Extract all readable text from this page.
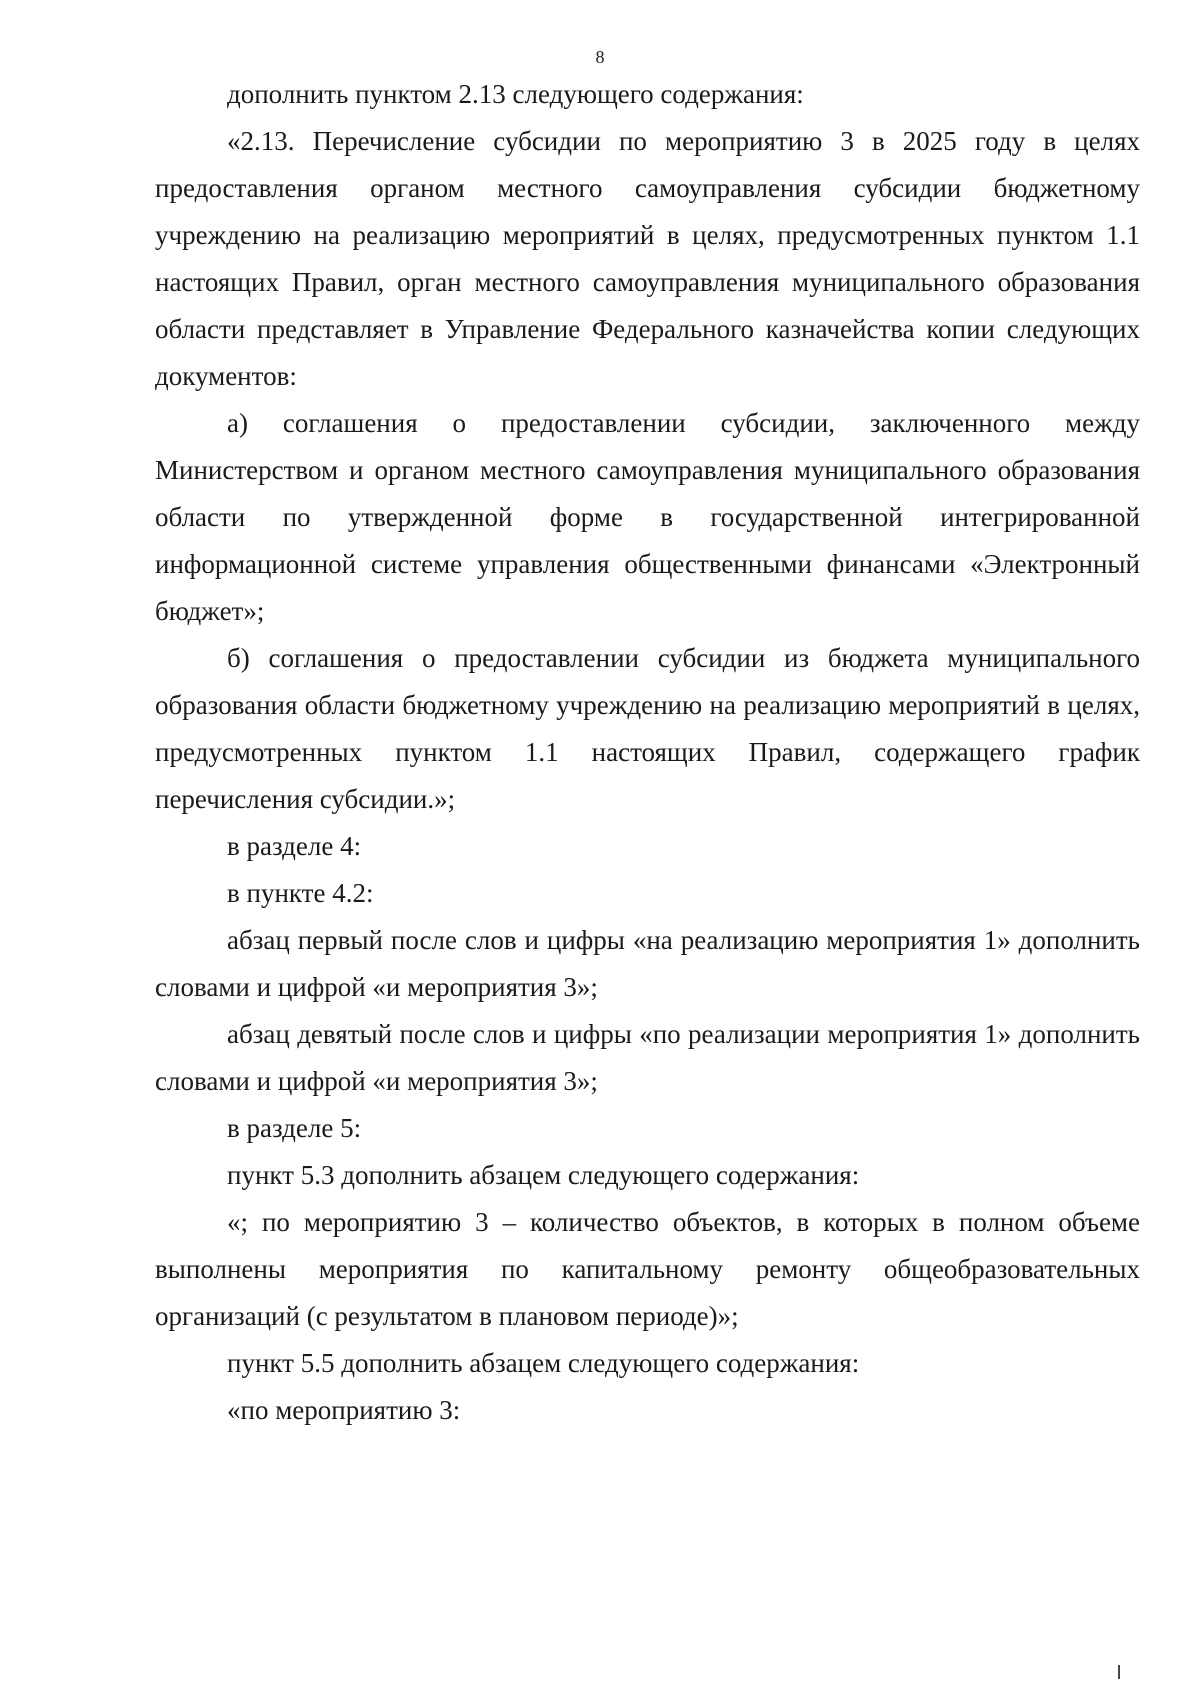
8

дополнить пунктом 2.13 следующего содержания:

«2.13. Перечисление субсидии по мероприятию 3 в 2025 году в целях предоставления органом местного самоуправления субсидии бюджетному учреждению на реализацию мероприятий в целях, предусмотренных пунктом 1.1 настоящих Правил, орган местного самоуправления муниципального образования области представляет в Управление Федерального казначейства копии следующих документов:

а) соглашения о предоставлении субсидии, заключенного между Министерством и органом местного самоуправления муниципального образования области по утвержденной форме в государственной интегрированной информационной системе управления общественными финансами «Электронный бюджет»;

б) соглашения о предоставлении субсидии из бюджета муниципального образования области бюджетному учреждению на реализацию мероприятий в целях, предусмотренных пунктом 1.1 настоящих Правил, содержащего график перечисления субсидии.»;

в разделе 4:

в пункте 4.2:

абзац первый после слов и цифры «на реализацию мероприятия 1» дополнить словами и цифрой «и мероприятия 3»;

абзац девятый после слов и цифры «по реализации мероприятия 1» дополнить словами и цифрой «и мероприятия 3»;

в разделе 5:

пункт 5.3 дополнить абзацем следующего содержания:

«; по мероприятию 3 – количество объектов, в которых в полном объеме выполнены мероприятия по капитальному ремонту общеобразовательных организаций (с результатом в плановом периоде)»;

пункт 5.5 дополнить абзацем следующего содержания:

«по мероприятию 3:
